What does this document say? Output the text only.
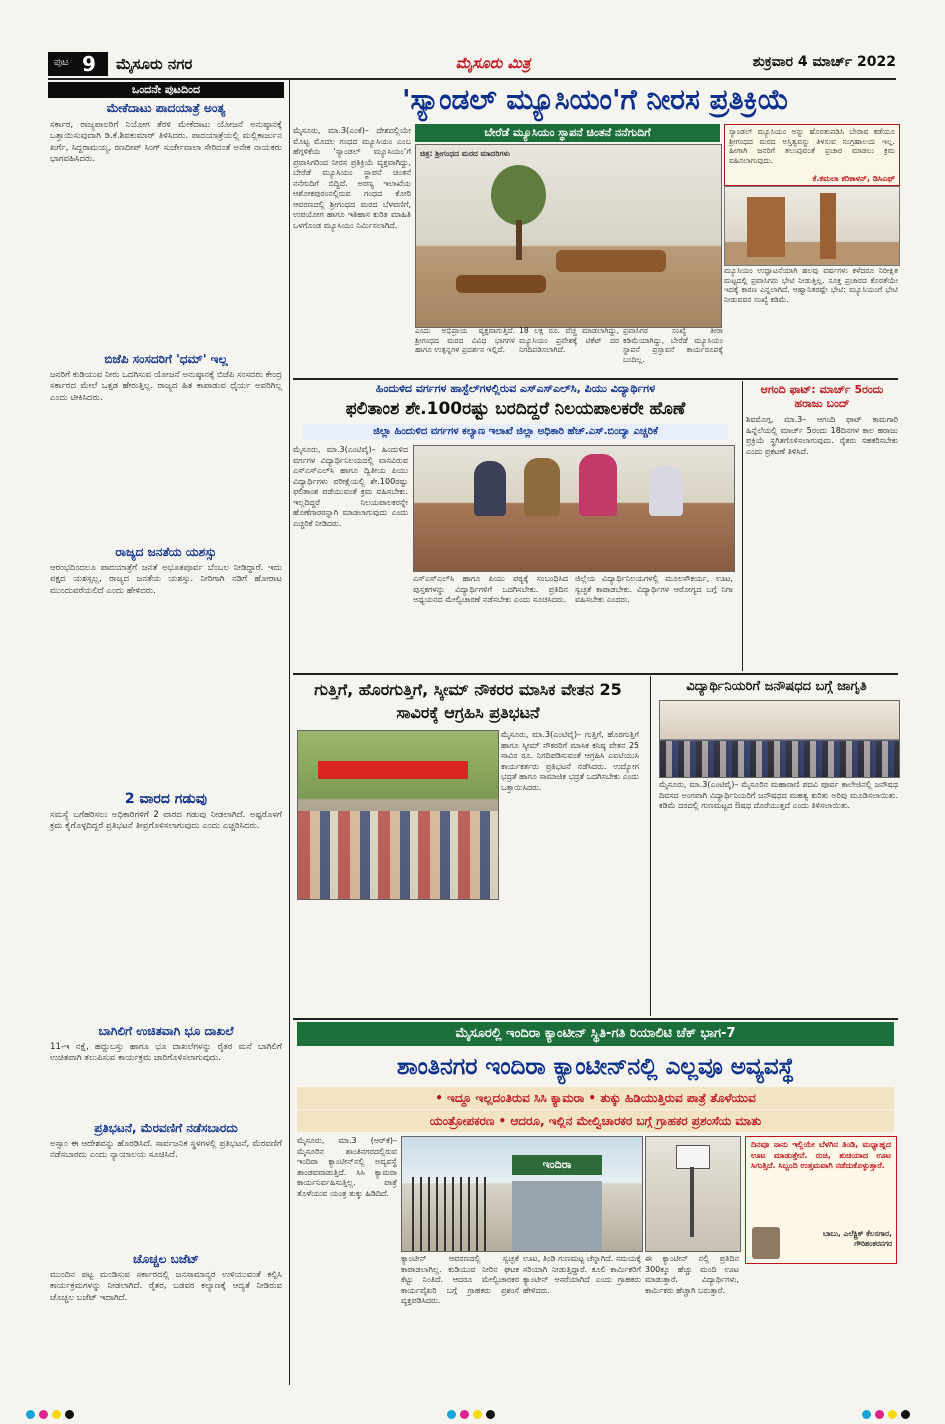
ಪುಟ 9 ಮೈಸೂರು ನಗರ	ಮೈಸೂರು ಮಿತ್ರ	ಶುಕ್ರವಾರ 4 ಮಾರ್ಚ್ 2022
ಒಂದನೇ ಪುಟದಿಂದ
ಮೇಕೆದಾಟು ಪಾದಯಾತ್ರೆ ಅಂತ್ಯ
ಸರ್ಕಾರ, ರಾಜ್ಯಪಾಲರಿಗೆ ನಿಯೋಗ ತೆರಳಿ ಮೇಕೆದಾಟು ಯೋಜನೆ ಅನುಷ್ಠಾನಕ್ಕೆ ಒತ್ತಾಯಿಸುವುದಾಗಿ ಡಿ.ಕೆ.ಶಿವಕುಮಾರ್ ತಿಳಿಸಿದರು. ಪಾದಯಾತ್ರೆಯಲ್ಲಿ ಮಲ್ಲಿಕಾರ್ಜುನ ಖರ್ಗೆ, ಸಿದ್ದರಾಮಯ್ಯ, ರಣದೀಪ್ ಸಿಂಗ್ ಸುರ್ಜೇವಾಲಾ ಸೇರಿದಂತೆ ಅನೇಕ ನಾಯಕರು ಭಾಗವಹಿಸಿದರು.
ಬಿಜೆಪಿ ಸಂಸದರಿಗೆ 'ಧಮ್' ಇಲ್ಲ
ಜನರಿಗೆ ಕುಡಿಯುವ ನೀರು ಒದಗಿಸುವ ಯೋಜನೆ ಅನುಷ್ಠಾನಕ್ಕೆ ಬಿಜೆಪಿ ಸಂಸದರು ಕೇಂದ್ರ ಸರ್ಕಾರದ ಮೇಲೆ ಒತ್ತಡ ಹೇರುತ್ತಿಲ್ಲ. ರಾಜ್ಯದ ಹಿತ ಕಾಪಾಡುವ ಧೈರ್ಯ ಅವರಿಗಿಲ್ಲ ಎಂದು ಟೀಕಿಸಿದರು.
ರಾಜ್ಯದ ಜನತೆಯ ಯಶಸ್ಸು
ಆರಂಭದಿಂದಲೂ ಪಾದಯಾತ್ರೆಗೆ ಜನತೆ ಅಭೂತಪೂರ್ವ ಬೆಂಬಲ ನೀಡಿದ್ದಾರೆ. ಇದು ಪಕ್ಷದ ಯಶಸ್ಸಲ್ಲ, ರಾಜ್ಯದ ಜನತೆಯ ಯಶಸ್ಸು. ನೀರಿಗಾಗಿ ನಡಿಗೆ ಹೋರಾಟ ಮುಂದುವರೆಯಲಿದೆ ಎಂದು ಹೇಳಿದರು.
2 ವಾರದ ಗಡುವು
ಸಮಸ್ಯೆ ಬಗೆಹರಿಸಲು ಅಧಿಕಾರಿಗಳಿಗೆ 2 ವಾರದ ಗಡುವು ನೀಡಲಾಗಿದೆ. ಅಷ್ಟರೊಳಗೆ ಕ್ರಮ ಕೈಗೊಳ್ಳದಿದ್ದರೆ ಪ್ರತಿಭಟನೆ ತೀವ್ರಗೊಳಿಸಲಾಗುವುದು ಎಂದು ಎಚ್ಚರಿಸಿದರು.
ಬಾಗಿಲಿಗೆ ಉಚಿತವಾಗಿ ಭೂ ದಾಖಲೆ
11-ಇ ನಕ್ಷೆ, ಹದ್ದುಬಸ್ತು ಹಾಗೂ ಭೂ ದಾಖಲೆಗಳನ್ನು ರೈತರ ಮನೆ ಬಾಗಿಲಿಗೆ ಉಚಿತವಾಗಿ ತಲುಪಿಸುವ ಕಾರ್ಯಕ್ರಮ ಜಾರಿಗೊಳಿಸಲಾಗುವುದು.
ಪ್ರತಿಭಟನೆ, ಮೆರವಣಿಗೆ ನಡೆಸಬಾರದು
ಅಸ್ಸಾಂ ಈ ಆದೇಶವನ್ನು ಹೊರಡಿಸಿದೆ. ಸಾರ್ವಜನಿಕ ಸ್ಥಳಗಳಲ್ಲಿ ಪ್ರತಿಭಟನೆ, ಮೆರವಣಿಗೆ ನಡೆಸಬಾರದು ಎಂದು ನ್ಯಾಯಾಲಯ ಸೂಚಿಸಿದೆ.
ಚೊಚ್ಚಲ ಬಜೆಟ್
ಮುಂದಿನ ಪಟ್ಟ ಮಂಡಿಸುವ ಸರ್ಕಾರದಲ್ಲಿ ಜನಸಾಮಾನ್ಯರ ಉಳಿಯುವಂತೆ ಕಲ್ಪಿಸಿ ಕಾರ್ಯಕ್ರಮಗಳನ್ನು ನೀಡಲಾಗಿದೆ. ರೈತರ, ಬಡವರ ಕಲ್ಯಾಣಕ್ಕೆ ಆದ್ಯತೆ ನೀಡಿರುವ ಚೊಚ್ಚಲ ಬಜೆಟ್ ಇದಾಗಿದೆ.
'ಸ್ಯಾಂಡಲ್ ಮ್ಯೂಸಿಯಂ'ಗೆ ನೀರಸ ಪ್ರತಿಕ್ರಿಯೆ
ಮೈಸೂರು, ಮಾ.3(ಎಂಕೆ)– ದೇಶದಲ್ಲಿಯೇ ಮೊಟ್ಟ ಮೊದಲ ಗಂಧದ ಮ್ಯೂಸಿಯಂ ಎಂಬ ಹೆಗ್ಗಳಿಕೆಯ ‘ಸ್ಯಾಂಡಲ್ ಮ್ಯೂಸಿಯಂ’ಗೆ ಪ್ರವಾಸಿಗರಿಂದ ನೀರಸ ಪ್ರತಿಕ್ರಿಯೆ ವ್ಯಕ್ತವಾಗಿದ್ದು, ಬೇರೆಡೆ ಮ್ಯೂಸಿಯಂ ಸ್ಥಾಪನೆ ಚಿಂತನೆ ನನೆಗುದಿಗೆ ಬಿದ್ದಿದೆ. ಅರಣ್ಯ ಇಲಾಖೆಯ ಆಶೋಕಪುರಂನಲ್ಲಿರುವ ಗಂಧದ ಕೋಠಿ ಆವರಣದಲ್ಲಿ ಶ್ರೀಗಂಧದ ಮರದ ಬೆಳವಣಿಗೆ, ಉಪಯೋಗ ಹಾಗೂ ಇತಿಹಾಸ ಕುರಿತ ಮಾಹಿತಿ ಒಳಗೊಂಡ ಮ್ಯೂಸಿಯಂ ನಿರ್ಮಿಸಲಾಗಿದೆ.
ಬೇರೆಡೆ ಮ್ಯೂಸಿಯಂ ಸ್ಥಾಪನೆ ಚಿಂತನೆ ನನೆಗುದಿಗೆ
ಚಿತ್ರ: ಶ್ರೀಗಂಧದ ಮರದ ಮಾದರಿಗಳು
ಸ್ಯಾಂಡಲ್ ಮ್ಯೂಸಿಯಂ ಅನ್ನು ಹೊರತುಪಡಿಸಿ ಬೇರಾವ ಕಡೆಯೂ ಶ್ರೀಗಂಧದ ಮರದ ಅಸ್ತಿತ್ವವನ್ನು ತಿಳಿಸುವ ಸಂಗ್ರಹಾಲಯ ಇಲ್ಲ. ಹೀಗಾಗಿ ಜನರಿಗೆ ತಲುಪುವಂತೆ ಪ್ರಚಾರ ಮಾಡಲು ಕ್ರಮ ವಹಿಸಲಾಗುವುದು.
ಕೆ.ಕಮಲಾ ಕರಿಕಾಳನ್, ಡಿಸಿಎಫ್
ಮ್ಯೂಸಿಯಂ ಉದ್ಘಾಟನೆಯಾಗಿ ಹಲವು ವರ್ಷಗಳು ಕಳೆದರೂ ನಿರೀಕ್ಷಿತ ಮಟ್ಟದಲ್ಲಿ ಪ್ರವಾಸಿಗರು ಭೇಟಿ ನೀಡುತ್ತಿಲ್ಲ. ಸೂಕ್ತ ಪ್ರಚಾರದ ಕೊರತೆಯೇ ಇದಕ್ಕೆ ಕಾರಣ ಎನ್ನಲಾಗಿದೆ. ಆಹ್ವಾನಿತರಷ್ಟೇ ಭೇಟಿ: ಮ್ಯೂಸಿಯಂಗೆ ಭೇಟಿ ನೀಡುವವರ ಸಂಖ್ಯೆ ಕಡಿಮೆ.
ಎಂದು ಅಭಿಪ್ರಾಯ ವ್ಯಕ್ತವಾಗುತ್ತಿದೆ. ಶ್ರೀಗಂಧದ ಮರದ ವಿವಿಧ ಭಾಗಗಳ ಹಾಗೂ ಉತ್ಪನ್ನಗಳ ಪ್ರದರ್ಶನ ಇಲ್ಲಿದೆ.
18 ಲಕ್ಷ ರೂ. ವೆಚ್ಚ ಮಾಡಲಾಗಿದ್ದು, ಮ್ಯೂಸಿಯಂ ಪ್ರವೇಶಕ್ಕೆ ಟಿಕೆಟ್ ದರ ನಿಗದಿಪಡಿಸಲಾಗಿದೆ.
ಪ್ರವಾಸಿಗರ ಸಂಖ್ಯೆ ತೀರಾ ಕಡಿಮೆಯಾಗಿದ್ದು, ಬೇರೆಡೆ ಮ್ಯೂಸಿಯಂ ಸ್ಥಾಪನೆ ಪ್ರಸ್ತಾವನೆ ಕಾರ್ಯರೂಪಕ್ಕೆ ಬಂದಿಲ್ಲ.
ಹಿಂದುಳಿದ ವರ್ಗಗಳ ಹಾಸ್ಟೆಲ್‌ಗಳಲ್ಲಿರುವ ಎಸ್‌ಎಸ್‌ಎಲ್‌ಸಿ, ಪಿಯು ವಿದ್ಯಾರ್ಥಿಗಳ
ಫಲಿತಾಂಶ ಶೇ.100ರಷ್ಟು ಬರದಿದ್ದರೆ ನಿಲಯಪಾಲಕರೇ ಹೊಣೆ
ಜಿಲ್ಲಾ ಹಿಂದುಳಿದ ವರ್ಗಗಳ ಕಲ್ಯಾಣ ಇಲಾಖೆ ಜಿಲ್ಲಾ ಅಧಿಕಾರಿ ಹೆಚ್.ಎಸ್.ಬಿಂದ್ಯಾ ಎಚ್ಚರಿಕೆ
ಮೈಸೂರು, ಮಾ.3(ಎಂಟಿವೈ)– ಹಿಂದುಳಿದ ವರ್ಗಗಳ ವಿದ್ಯಾರ್ಥಿನಿಲಯದಲ್ಲಿ ವಾಸವಿರುವ ಎಸ್‌ಎಸ್‌ಎಲ್‌ಸಿ ಹಾಗೂ ದ್ವಿತೀಯ ಪಿಯು ವಿದ್ಯಾರ್ಥಿಗಳು ಪರೀಕ್ಷೆಯಲ್ಲಿ ಶೇ.100ರಷ್ಟು ಫಲಿತಾಂಶ ಪಡೆಯುವಂತೆ ಕ್ರಮ ವಹಿಸಬೇಕು. ಇಲ್ಲದಿದ್ದರೆ ನಿಲಯಪಾಲಕರನ್ನೇ ಹೊಣೆಗಾರರನ್ನಾಗಿ ಮಾಡಲಾಗುವುದು ಎಂದು ಎಚ್ಚರಿಕೆ ನೀಡಿದರು.
ಎಸ್‌ಎಸ್‌ಎಲ್‌ಸಿ ಹಾಗೂ ಪಿಯು ಪಠ್ಯಕ್ಕೆ ಸಂಬಂಧಿಸಿದ ಪುಸ್ತಕಗಳನ್ನು ವಿದ್ಯಾರ್ಥಿಗಳಿಗೆ ಒದಗಿಸಬೇಕು. ಪ್ರತಿದಿನ ಅಧ್ಯಯನದ ಮೇಲ್ವಿಚಾರಣೆ ನಡೆಸಬೇಕು ಎಂದು ಸೂಚಿಸಿದರು.
ಜಿಲ್ಲೆಯ ವಿದ್ಯಾರ್ಥಿನಿಲಯಗಳಲ್ಲಿ ಮೂಲಸೌಕರ್ಯ, ಊಟ, ಸ್ವಚ್ಛತೆ ಕಾಪಾಡಬೇಕು. ವಿದ್ಯಾರ್ಥಿಗಳ ಆರೋಗ್ಯದ ಬಗ್ಗೆ ನಿಗಾ ವಹಿಸಬೇಕು ಎಂದರು.
ಆಗಂದಿ ಫಾಟ್: ಮಾರ್ಚ್ 5ರಂದು ಹರಾಜು ಬಂದ್
ಶಿವಮೊಗ್ಗ, ಮಾ.3– ಆಗಂದಿ ಫಾಟ್ ಕಾಮಗಾರಿ ಹಿನ್ನೆಲೆಯಲ್ಲಿ ಮಾರ್ಚ್ 5ರಂದು 18ದಿನಗಳ ಕಾಲ ಹರಾಜು ಪ್ರಕ್ರಿಯೆ ಸ್ಥಗಿತಗೊಳಿಸಲಾಗುವುದು. ರೈತರು ಸಹಕರಿಸಬೇಕು ಎಂದು ಪ್ರಕಟಣೆ ತಿಳಿಸಿದೆ.
ಗುತ್ತಿಗೆ, ಹೊರಗುತ್ತಿಗೆ, ಸ್ಕೀಮ್ ನೌಕರರ ಮಾಸಿಕ ವೇತನ 25 ಸಾವಿರಕ್ಕೆ ಆಗ್ರಹಿಸಿ ಪ್ರತಿಭಟನೆ
ಮೈಸೂರು, ಮಾ.3(ಎಂಟಿವೈ)– ಗುತ್ತಿಗೆ, ಹೊರಗುತ್ತಿಗೆ ಹಾಗೂ ಸ್ಕೀಮ್ ನೌಕರರಿಗೆ ಮಾಸಿಕ ಕನಿಷ್ಠ ವೇತನ 25 ಸಾವಿರ ರೂ. ನಿಗದಿಪಡಿಸುವಂತೆ ಆಗ್ರಹಿಸಿ ಎಐಟಿಯುಸಿ ಕಾರ್ಯಕರ್ತರು ಪ್ರತಿಭಟನೆ ನಡೆಸಿದರು. ಉದ್ಯೋಗ ಭದ್ರತೆ ಹಾಗೂ ಸಾಮಾಜಿಕ ಭದ್ರತೆ ಒದಗಿಸಬೇಕು ಎಂದು ಒತ್ತಾಯಿಸಿದರು.
ವಿದ್ಯಾರ್ಥಿನಿಯರಿಗೆ ಜನೌಷಧದ ಬಗ್ಗೆ ಜಾಗೃತಿ
ಮೈಸೂರು, ಮಾ.3(ಎಂಟಿವೈ)– ಮೈಸೂರಿನ ಮಹಾರಾಣಿ ಪದವಿ ಪೂರ್ವ ಕಾಲೇಜಿನಲ್ಲಿ ಜನೌಷಧ ದಿವಸದ ಅಂಗವಾಗಿ ವಿದ್ಯಾರ್ಥಿನಿಯರಿಗೆ ಜನೌಷಧದ ಮಹತ್ವ ಕುರಿತು ಅರಿವು ಮೂಡಿಸಲಾಯಿತು. ಕಡಿಮೆ ದರದಲ್ಲಿ ಗುಣಮಟ್ಟದ ಔಷಧ ದೊರೆಯುತ್ತದೆ ಎಂದು ತಿಳಿಸಲಾಯಿತು.
ಮೈಸೂರಲ್ಲಿ ಇಂದಿರಾ ಕ್ಯಾಂಟೀನ್ ಸ್ಥಿತಿ-ಗತಿ ರಿಯಾಲಿಟಿ ಚೆಕ್ ಭಾಗ-7
ಶಾಂತಿನಗರ ಇಂದಿರಾ ಕ್ಯಾಂಟೀನ್‌ನಲ್ಲಿ ಎಲ್ಲವೂ ಅವ್ಯವಸ್ಥೆ
• ಇದ್ದೂ ಇಲ್ಲದಂತಿರುವ ಸಿಸಿ ಕ್ಯಾಮರಾ • ತುಕ್ಕು ಹಿಡಿಯುತ್ತಿರುವ ಪಾತ್ರೆ ತೊಳೆಯುವ
ಯಂತ್ರೋಪಕರಣ • ಆದರೂ, ಇಲ್ಲಿನ ಮೇಲ್ವಿಚಾರಕರ ಬಗ್ಗೆ ಗ್ರಾಹಕರ ಪ್ರಶಂಸೆಯ ಮಾತು
ಮೈಸೂರು, ಮಾ.3 (ಆರ್‌ಕೆ)– ಮೈಸೂರಿನ ಶಾಂತಿನಗರದಲ್ಲಿರುವ ಇಂದಿರಾ ಕ್ಯಾಂಟೀನ್‌ನಲ್ಲಿ ಅವ್ಯವಸ್ಥೆ ತಾಂಡವವಾಡುತ್ತಿದೆ. ಸಿಸಿ ಕ್ಯಾಮರಾ ಕಾರ್ಯನಿರ್ವಹಿಸುತ್ತಿಲ್ಲ. ಪಾತ್ರೆ ತೊಳೆಯುವ ಯಂತ್ರ ತುಕ್ಕು ಹಿಡಿದಿದೆ.
ಇಂದಿರಾ
ಕ್ಯಾಂಟೀನ್ ಆವರಣದಲ್ಲಿ ಸ್ವಚ್ಛತೆ ಕಾಪಾಡಲಾಗಿಲ್ಲ. ಕುಡಿಯುವ ನೀರಿನ ಘಟಕ ಕೆಟ್ಟು ನಿಂತಿದೆ. ಆದರೂ ಮೇಲ್ವಿಚಾರಕರ ಕಾರ್ಯವೈಖರಿ ಬಗ್ಗೆ ಗ್ರಾಹಕರು ಪ್ರಶಂಸೆ ವ್ಯಕ್ತಪಡಿಸಿದರು.
ಊಟ, ತಿಂಡಿ ಗುಣಮಟ್ಟ ಚೆನ್ನಾಗಿದೆ. ಸಮಯಕ್ಕೆ ಸರಿಯಾಗಿ ನೀಡುತ್ತಿದ್ದಾರೆ. ಕೂಲಿ ಕಾರ್ಮಿಕರಿಗೆ ಕ್ಯಾಂಟೀನ್ ಆಸರೆಯಾಗಿದೆ ಎಂದು ಗ್ರಾಹಕರು ಹೇಳಿದರು.
ಈ ಕ್ಯಾಂಟೀನ್ ನಲ್ಲಿ ಪ್ರತಿದಿನ 300ಕ್ಕೂ ಹೆಚ್ಚು ಮಂದಿ ಊಟ ಮಾಡುತ್ತಾರೆ. ವಿದ್ಯಾರ್ಥಿಗಳು, ಕಾರ್ಮಿಕರು ಹೆಚ್ಚಾಗಿ ಬರುತ್ತಾರೆ.
ದಿನವೂ ನಾನು ಇಲ್ಲಿಯೇ ಬೆಳಗಿನ ತಿಂಡಿ, ಮಧ್ಯಾಹ್ನದ ಊಟ ಮಾಡುತ್ತೇನೆ. ರುಚಿ, ಶುಚಿಯಾದ ಊಟ ಸಿಗುತ್ತಿದೆ. ಸಿಬ್ಬಂದಿ ಉತ್ತಮವಾಗಿ ನಡೆದುಕೊಳ್ಳುತ್ತಾರೆ.
ಬಾಬು, ಎಲೆಕ್ಟ್ರಿಕ್ ಕೆಲಸಗಾರ, ಗೌರಿಶಂಕರನಗರ
